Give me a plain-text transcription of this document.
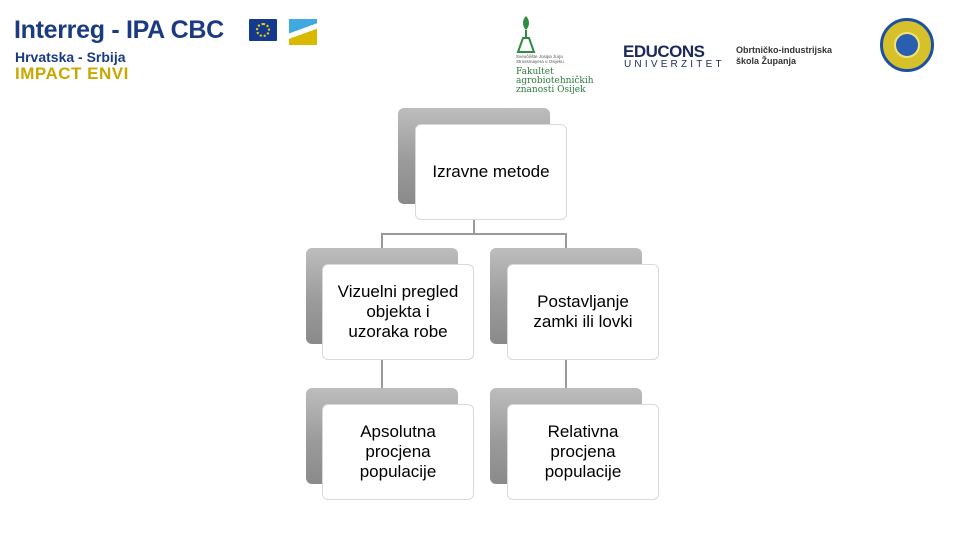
Interreg - IPA CBC
Hrvatska - Srbija
IMPACT ENVI
Sveučilište Josipa Jurja
Strossmayera u Osijeku
Fakultet
agrobiotehničkih
znanosti Osijek
EDUCONS
UNIVERZITET
Obrtničko-industrijska
škola Županja
Izravne metode
Vizuelni pregled
objekta i
uzoraka robe
Postavljanje
zamki ili lovki
Apsolutna
procjena
populacije
Relativna
procjena
populacije
